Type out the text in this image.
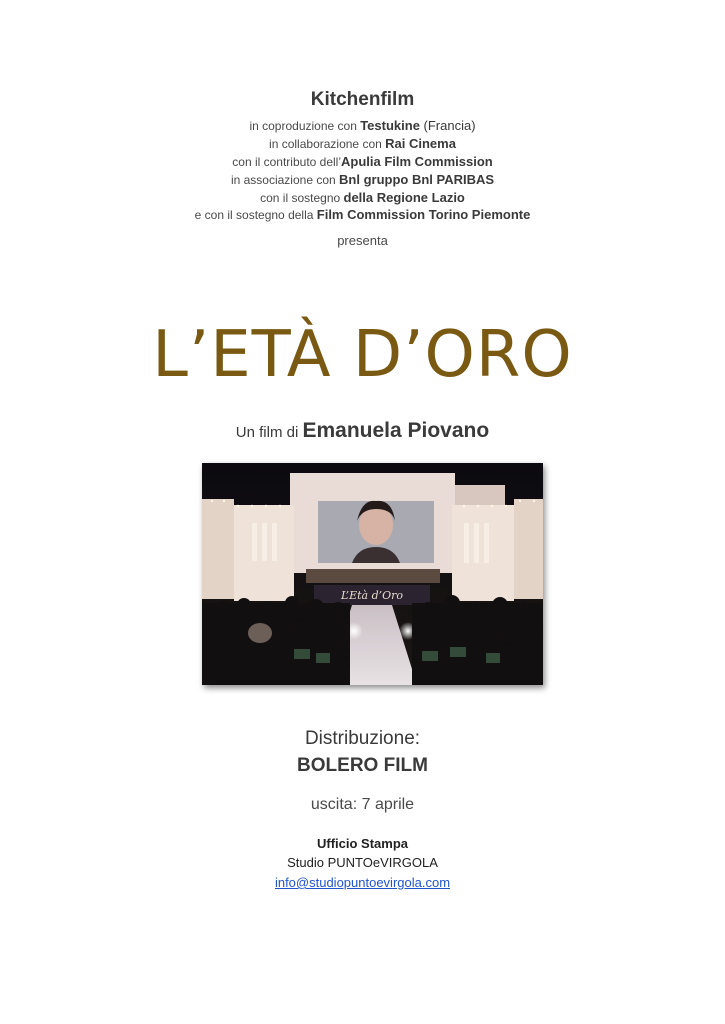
Kitchenfilm
in coproduzione con Testukine (Francia)
in collaborazione con Rai Cinema
con il contributo dell’Apulia Film Commission
in associazione con Bnl gruppo Bnl PARIBAS
con il sostegno della Regione Lazio
e con il sostegno della Film Commission Torino Piemonte
presenta
L’ETÀ D’ORO
Un film di Emanuela Piovano
L’Età d’Oro
Distribuzione:
BOLERO FILM
uscita: 7 aprile
Ufficio Stampa
Studio PUNTOeVIRGOLA
info@studiopuntoevirgola.com
